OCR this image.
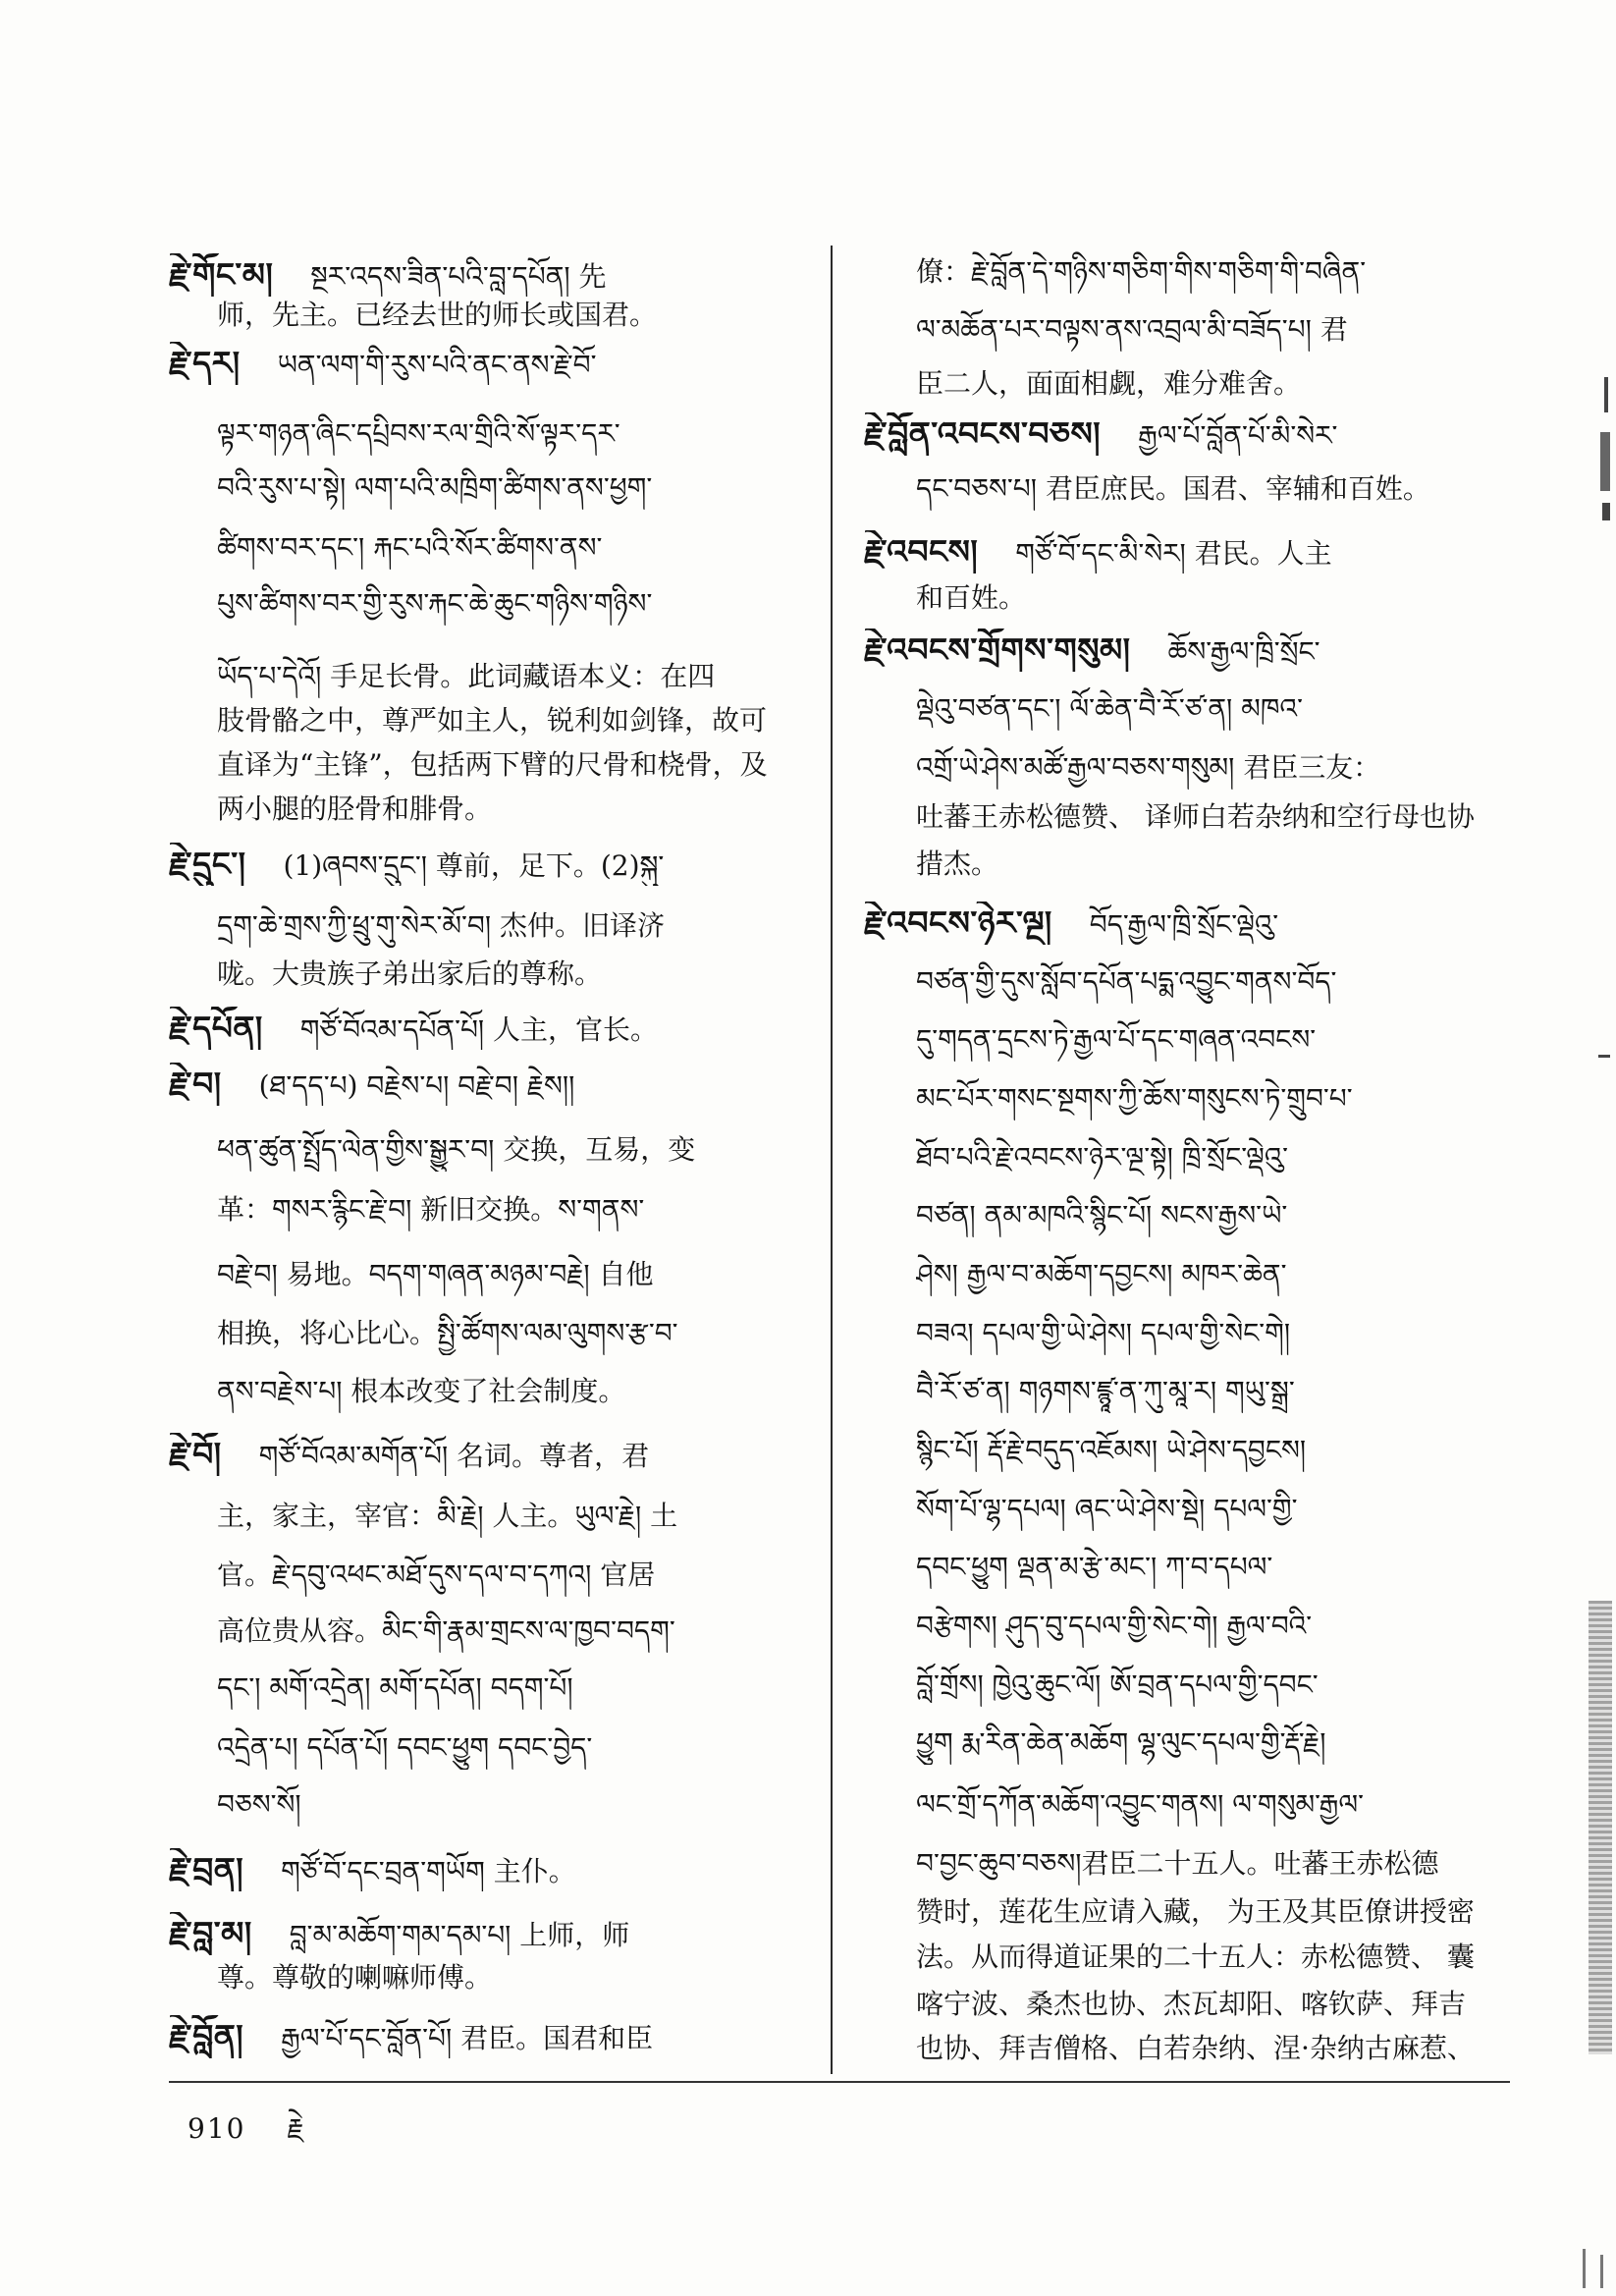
རྗེ་གོང་མ། སྔར་འདས་ཟིན་པའི་བླ་དཔོན། 先
师，先主。已经去世的师长或国君。
རྗེ་དར། ཡན་ལག་གི་རུས་པའི་ནང་ནས་རྗེ་བོ་
ལྟར་གཉན་ཞིང་དཔྲིབས་རལ་གྲིའི་སོ་ལྟར་དར་
བའི་རུས་པ་སྟེ། ལག་པའི་མཁྲིག་ཚིགས་ནས་ཕྱག་
ཚིགས་བར་དང་། རྐང་པའི་སོར་ཚིགས་ནས་
པུས་ཚིགས་བར་གྱི་རུས་རྐང་ཆེ་ཆུང་གཉིས་གཉིས་
ཡོད་པ་དེའོ། 手足长骨。此词藏语本义：在四
肢骨骼之中，尊严如主人，锐利如剑锋，故可
直译为“主锋”，包括两下臂的尺骨和桡骨，及
两小腿的胫骨和腓骨。
རྗེ་དྲུང་། (1)ཞབས་དྲུང་། 尊前，足下。(2)སྐུ་
དྲག་ཆེ་གྲས་ཀྱི་ཕྲུ་གུ་སེར་མོ་བ། 杰仲。旧译济
咙。大贵族子弟出家后的尊称。
རྗེ་དཔོན། གཙོ་བོའམ་དཔོན་པོ། 人主，官长。
རྗེ་བ། (ཐ་དད་པ) བརྗེས་པ། བརྗེ་བ། རྗེས།།
ཕན་ཚུན་སྤྲོད་ལེན་གྱིས་སྒྱུར་བ། 交换，互易，变
革：གསར་རྙིང་རྗེ་བ། 新旧交换。ས་གནས་
བརྗེ་བ། 易地。བདག་གཞན་མཉམ་བརྗེ། 自他
相换，将心比心。སྤྱི་ཚོགས་ལམ་ལུགས་རྩ་བ་
ནས་བརྗེས་པ། 根本改变了社会制度。
རྗེ་བོ། གཙོ་བོའམ་མགོན་པོ། 名词。尊者，君
主，家主，宰官：མི་རྗེ། 人主。ཡུལ་རྗེ། 土
官。རྗེ་དབུ་འཕང་མཐོ་དུས་དལ་བ་དཀའ། 官居
高位贵从容。མིང་གི་རྣམ་གྲངས་ལ་ཁྱབ་བདག་
དང་། མགོ་འདྲེན། མགོ་དཔོན། བདག་པོ།
འདྲེན་པ། དཔོན་པོ། དབང་ཕྱུག དབང་བྱེད་
བཅས་སོ།
རྗེ་བྲན། གཙོ་བོ་དང་བྲན་གཡོག 主仆。
རྗེ་བླ་མ། བླ་མ་མཆོག་གམ་དམ་པ། 上师，师
尊。尊敬的喇嘛师傅。
རྗེ་བློན། རྒྱལ་པོ་དང་བློན་པོ། 君臣。国君和臣
僚：རྗེ་བློན་དེ་གཉིས་གཅིག་གིས་གཅིག་གི་བཞིན་
ལ་མཆོན་པར་བལྟས་ནས་འབྲལ་མི་བཟོད་པ། 君
臣二人，面面相觑，难分难舍。
རྗེ་བློན་འབངས་བཅས། རྒྱལ་པོ་བློན་པོ་མི་སེར་
དང་བཅས་པ། 君臣庶民。国君、宰辅和百姓。
རྗེ་འབངས། གཙོ་བོ་དང་མི་སེར། 君民。人主
和百姓。
རྗེ་འབངས་གྲོགས་གསུམ། ཆོས་རྒྱལ་ཁྲི་སྲོང་
ལྡེའུ་བཙན་དང་། ལོ་ཆེན་བཻ་རོ་ཙ་ན། མཁའ་
འགྲོ་ཡེ་ཤེས་མཚོ་རྒྱལ་བཅས་གསུམ། 君臣三友：
吐蕃王赤松德赞、 译师白若杂纳和空行母也协
措杰。
རྗེ་འབངས་ཉེར་ལྔ། བོད་རྒྱལ་ཁྲི་སྲོང་ལྡེའུ་
བཙན་གྱི་དུས་སློབ་དཔོན་པདྨ་འབྱུང་གནས་བོད་
དུ་གདན་དྲངས་ཏེ་རྒྱལ་པོ་དང་གཞན་འབངས་
མང་པོར་གསང་སྔགས་ཀྱི་ཆོས་གསུངས་ཏེ་གྲུབ་པ་
ཐོབ་པའི་རྗེ་འབངས་ཉེར་ལྔ་སྟེ། ཁྲི་སྲོང་ལྡེའུ་
བཙན། ནམ་མཁའི་སྙིང་པོ། སངས་རྒྱས་ཡེ་
ཤེས། རྒྱལ་བ་མཆོག་དབྱངས། མཁར་ཆེན་
བཟའ། དཔལ་གྱི་ཡེ་ཤེས། དཔལ་གྱི་སེང་གེ།
བཻ་རོ་ཙ་ན། གཉགས་ཛྙཱ་ན་ཀུ་མཱ་ར། གཡུ་སྒྲ་
སྙིང་པོ། རྡོ་རྗེ་བདུད་འཇོམས། ཡེ་ཤེས་དབྱངས།
སོག་པོ་ལྷ་དཔལ། ཞང་ཡེ་ཤེས་སྡེ། དཔལ་གྱི་
དབང་ཕྱུག ལྡན་མ་རྩེ་མང་། ཀ་བ་དཔལ་
བརྩེགས། ཤུད་བུ་དཔལ་གྱི་སེང་གེ། རྒྱལ་བའི་
བློ་གྲོས། ཁྱེའུ་ཆུང་ལོ། ཨོ་བྲན་དཔལ་གྱི་དབང་
ཕྱུག རྨ་རིན་ཆེན་མཆོག ལྷ་ལུང་དཔལ་གྱི་རྡོ་རྗེ།
ལང་གྲོ་དཀོན་མཆོག་འབྱུང་གནས། ལ་གསུམ་རྒྱལ་
བ་བྱང་ཆུབ་བཅས།君臣二十五人。吐蕃王赤松德
赞时，莲花生应请入藏， 为王及其臣僚讲授密
法。从而得道证果的二十五人：赤松德赞、 囊
喀宁波、桑杰也协、杰瓦却阳、喀钦萨、拜吉
也协、拜吉僧格、白若杂纳、涅·杂纳古麻惹、
910 རྗེ
